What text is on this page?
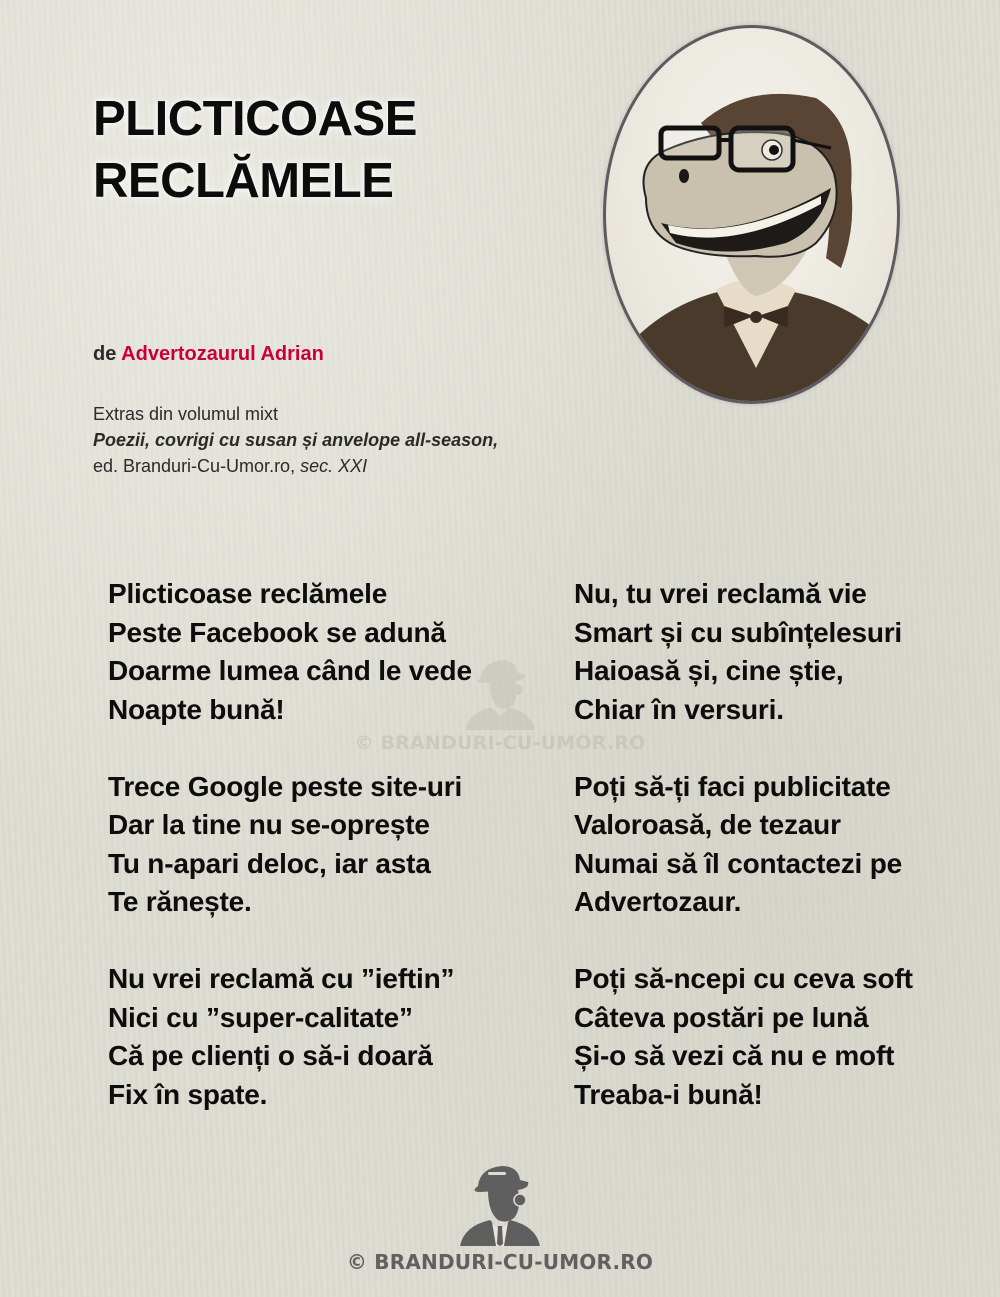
PLICTICOASE
RECLĂMELE
de Advertozaurul Adrian
Extras din volumul mixt
Poezii, covrigi cu susan și anvelope all-season,
ed. Branduri-Cu-Umor.ro, sec. XXI
Plicticoase reclămele
Peste Facebook se adună
Doarme lumea când le vede
Noapte bună!
Trece Google peste site-uri
Dar la tine nu se-oprește
Tu n-apari deloc, iar asta
Te rănește.
Nu vrei reclamă cu ”ieftin”
Nici cu ”super-calitate”
Că pe clienți o să-i doară
Fix în spate.
© BRANDURI-CU-UMOR.RO
Nu, tu vrei reclamă vie
Smart și cu subînțelesuri
Haioasă și, cine știe,
Chiar în versuri.
Poți să-ți faci publicitate
Valoroasă, de tezaur
Numai să îl contactezi pe
Advertozaur.
Poți să-ncepi cu ceva soft
Câteva postări pe lună
Și-o să vezi că nu e moft
Treaba-i bună!
© BRANDURI-CU-UMOR.RO
